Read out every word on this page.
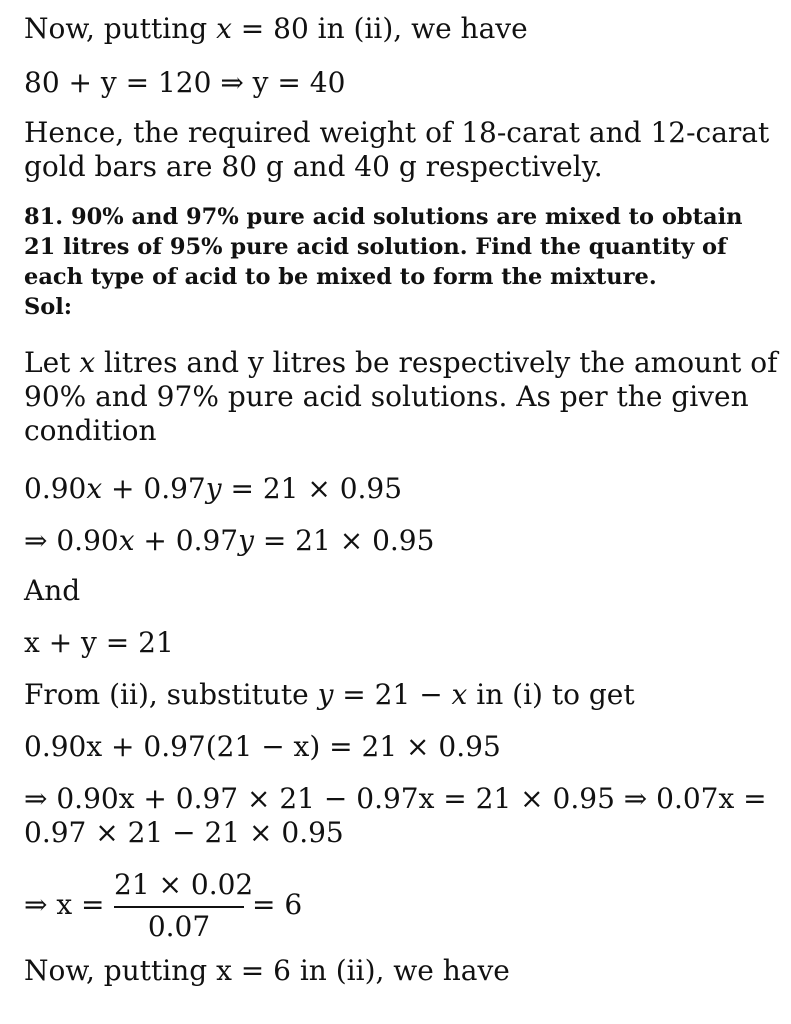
Now, putting 𝑥 = 80 in (ii), we have
80 + y = 120 ⇒ y = 40
Hence, the required weight of 18-carat and 12-carat
gold bars are 80 g and 40 g respectively.
81. 90% and 97% pure acid solutions are mixed to obtain
21 litres of 95% pure acid solution. Find the quantity of
each type of acid to be mixed to form the mixture.
Sol:
Let 𝑥 litres and y litres be respectively the amount of
90% and 97% pure acid solutions. As per the given
condition
0.90𝑥 + 0.97𝑦 = 21 × 0.95
⇒ 0.90𝑥 + 0.97𝑦 = 21 × 0.95
And
x + y = 21
From (ii), substitute 𝑦 = 21 − 𝑥 in (i) to get
0.90x + 0.97(21 − x) = 21 × 0.95
⇒ 0.90x + 0.97 × 21 − 0.97x = 21 × 0.95 ⇒ 0.07x =
0.97 × 21 − 21 × 0.95
⇒ x =
21 × 0.02
0.07
= 6
Now, putting x = 6 in (ii), we have
